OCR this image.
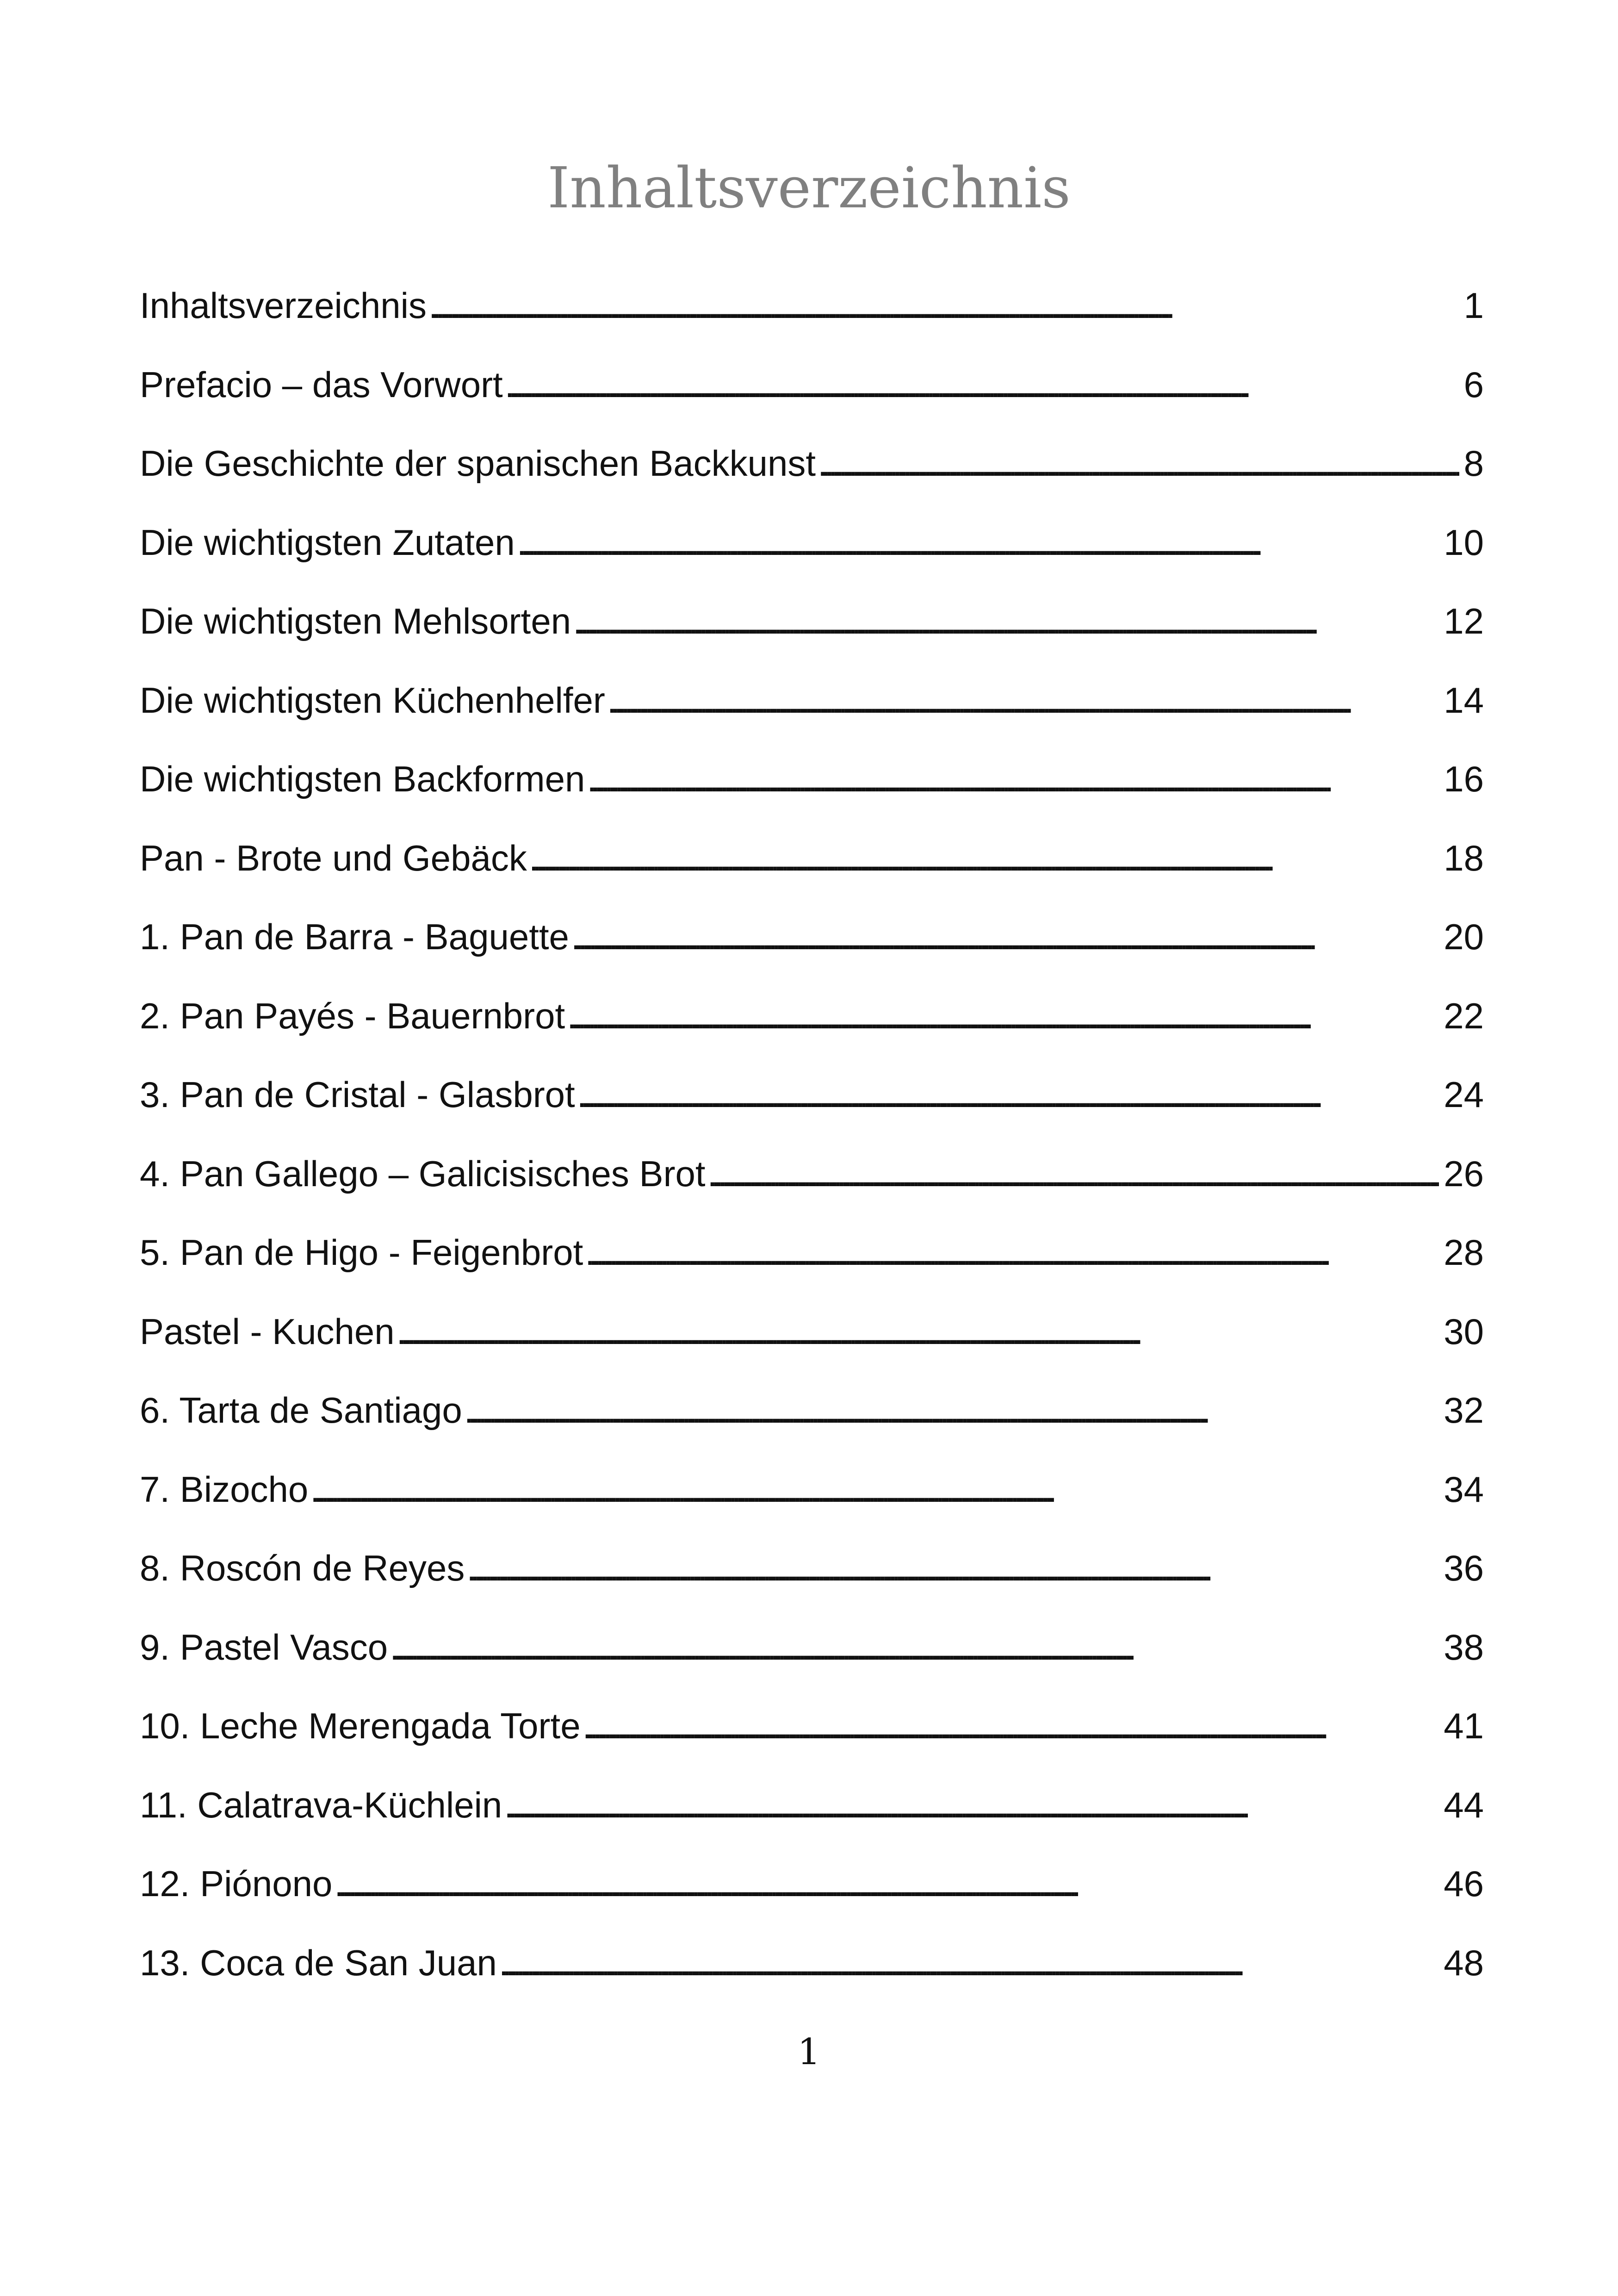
Inhaltsverzeichnis
Inhaltsverzeichnis . . .	1
Prefacio – das Vorwort . . .	6
Die Geschichte der spanischen Backkunst . . .	8
Die wichtigsten Zutaten . . .	10
Die wichtigsten Mehlsorten . . .	12
Die wichtigsten Küchenhelfer . . .	14
Die wichtigsten Backformen . . .	16
Pan - Brote und Gebäck . . .	18
1. Pan de Barra - Baguette . . .	20
2. Pan Payés - Bauernbrot . . .	22
3. Pan de Cristal - Glasbrot . . .	24
4. Pan Gallego – Galicisisches Brot . . .	26
5. Pan de Higo - Feigenbrot . . .	28
Pastel - Kuchen . . .	30
6. Tarta de Santiago . . .	32
7. Bizocho . . .	34
8. Roscón de Reyes . . .	36
9. Pastel Vasco . . .	38
10. Leche Merengada Torte . . .	41
11. Calatrava-Küchlein . . .	44
12. Piónono . . .	46
13. Coca de San Juan . . .	48
1
